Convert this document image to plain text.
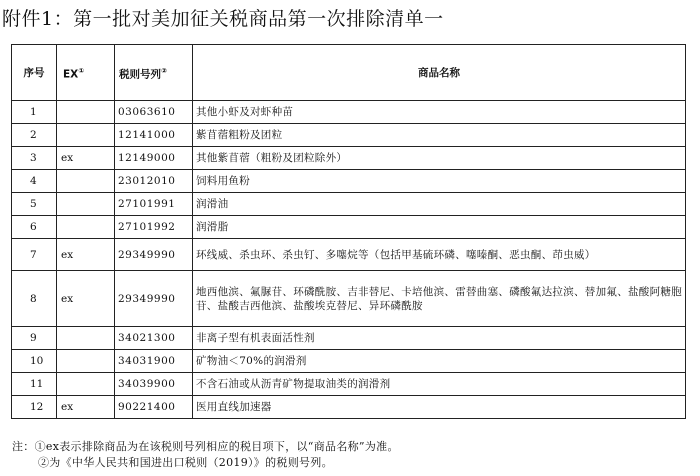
附件1：第一批对美加征关税商品第一次排除清单一
序号	EX①	税则号列②	商品名称
1		03063610	其他小虾及对虾种苗
2		12141000	紫苜蓿粗粉及团粒
3	ex	12149000	其他紫苜蓿（粗粉及团粒除外）
4		23012010	饲料用鱼粉
5		27101991	润滑油
6		27101992	润滑脂
7	ex	29349990	环线威、杀虫环、杀虫钉、多噻烷等（包括甲基硫环磷、噻嗪酮、恶虫酮、茚虫威）
8	ex	29349990	地西他滨、氟脲苷、环磷酰胺、吉非替尼、卡培他滨、雷替曲塞、磷酸氟达拉滨、替加氟、盐酸阿糖胞苷、盐酸吉西他滨、盐酸埃克替尼、异环磷酰胺
9		34021300	非离子型有机表面活性剂
10		34031900	矿物油＜70%的润滑剂
11		34039900	不含石油或从沥青矿物提取油类的润滑剂
12	ex	90221400	医用直线加速器
注：①ex表示排除商品为在该税则号列相应的税目项下，以“商品名称”为准。
②为《中华人民共和国进出口税则（2019）》的税则号列。
